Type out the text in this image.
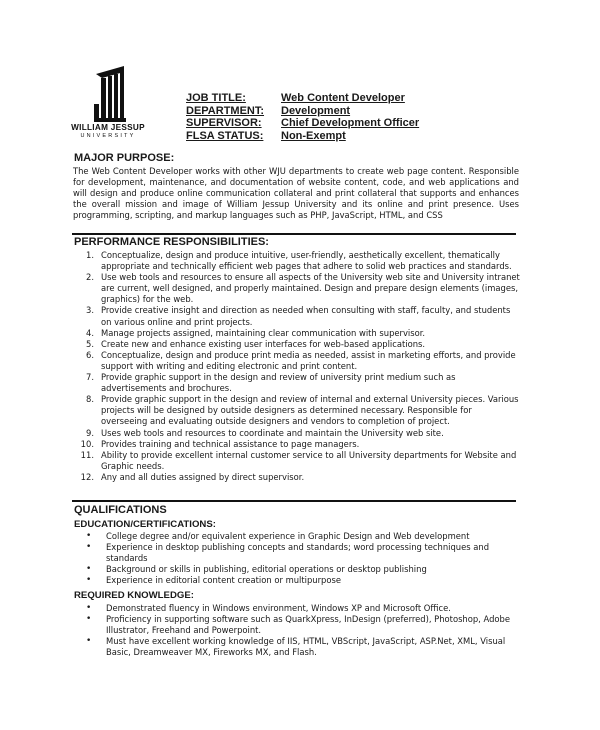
WILLIAM JESSUP
UNIVERSITY
JOB TITLE:	Web Content Developer
DEPARTMENT:	Development
SUPERVISOR:	Chief Development Officer
FLSA STATUS:	Non-Exempt
MAJOR PURPOSE:
The Web Content Developer works with other WJU departments to create web page content. Responsible for development, maintenance, and documentation of website content, code, and web applications and will design and produce online communication collateral and print collateral that supports and enhances the overall mission and image of William Jessup University and its online and print presence. Uses programming, scripting, and markup languages such as PHP, JavaScript, HTML, and CSS
PERFORMANCE RESPONSIBILITIES:
1. Conceptualize, design and produce intuitive, user-friendly, aesthetically excellent, thematically appropriate and technically efficient web pages that adhere to solid web practices and standards.
2. Use web tools and resources to ensure all aspects of the University web site and University intranet are current, well designed, and properly maintained. Design and prepare design elements (images, graphics) for the web.
3. Provide creative insight and direction as needed when consulting with staff, faculty, and students on various online and print projects.
4. Manage projects assigned, maintaining clear communication with supervisor.
5. Create new and enhance existing user interfaces for web-based applications.
6. Conceptualize, design and produce print media as needed, assist in marketing efforts, and provide support with writing and editing electronic and print content.
7. Provide graphic support in the design and review of university print medium such as advertisements and brochures.
8. Provide graphic support in the design and review of internal and external University pieces. Various projects will be designed by outside designers as determined necessary. Responsible for overseeing and evaluating outside designers and vendors to completion of project.
9. Uses web tools and resources to coordinate and maintain the University web site.
10. Provides training and technical assistance to page managers.
11. Ability to provide excellent internal customer service to all University departments for Website and Graphic needs.
12. Any and all duties assigned by direct supervisor.
QUALIFICATIONS
EDUCATION/CERTIFICATIONS:
•	College degree and/or equivalent experience in Graphic Design and Web development
•	Experience in desktop publishing concepts and standards; word processing techniques and standards
•	Background or skills in publishing, editorial operations or desktop publishing
•	Experience in editorial content creation or multipurpose
REQUIRED KNOWLEDGE:
•	Demonstrated fluency in Windows environment, Windows XP and Microsoft Office.
•	Proficiency in supporting software such as QuarkXpress, InDesign (preferred), Photoshop, Adobe Illustrator, Freehand and Powerpoint.
•	Must have excellent working knowledge of IIS, HTML, VBScript, JavaScript, ASP.Net, XML, Visual Basic, Dreamweaver MX, Fireworks MX, and Flash.
